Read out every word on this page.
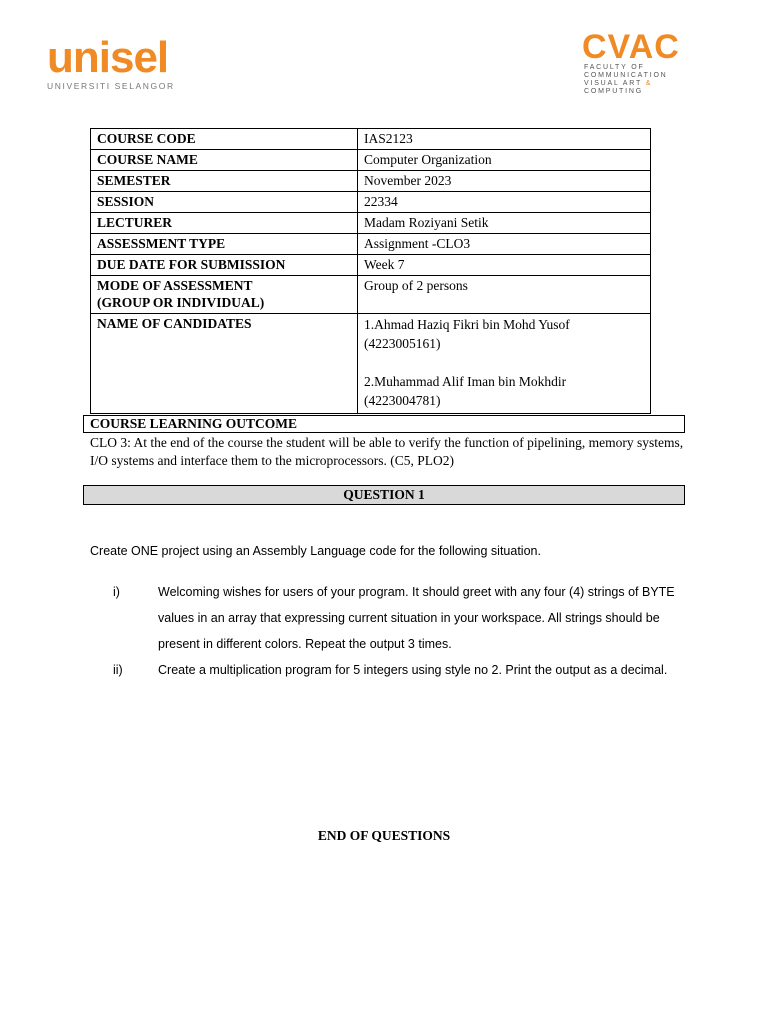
unisel
UNIVERSITI SELANGOR
CVAC
FACULTY OF
COMMUNICATION
VISUAL ART &
COMPUTING
COURSE CODE	IAS2123
COURSE NAME	Computer Organization
SEMESTER	November 2023
SESSION	22334
LECTURER	Madam Roziyani Setik
ASSESSMENT TYPE	Assignment -CLO3
DUE DATE FOR SUBMISSION	Week 7

MODE OF ASSESSMENT
(GROUP OR INDIVIDUAL)	Group of 2 persons
NAME OF CANDIDATES	1.Ahmad Haziq Fikri bin Mohd Yusof
(4223005161)
2.Muhammad Alif Iman bin Mokhdir
(4223004781)
COURSE LEARNING OUTCOME
CLO 3: At the end of the course the student will be able to verify the function of pipelining, memory systems, I/O systems and interface them to the microprocessors. (C5, PLO2)
QUESTION 1
Create ONE project using an Assembly Language code for the following situation.
i)	Welcoming wishes for users of your program. It should greet with any four (4) strings of BYTE values in an array that expressing current situation in your workspace. All strings should be present in different colors. Repeat the output 3 times.
ii)	Create a multiplication program for 5 integers using style no 2. Print the output as a decimal.
END OF QUESTIONS
